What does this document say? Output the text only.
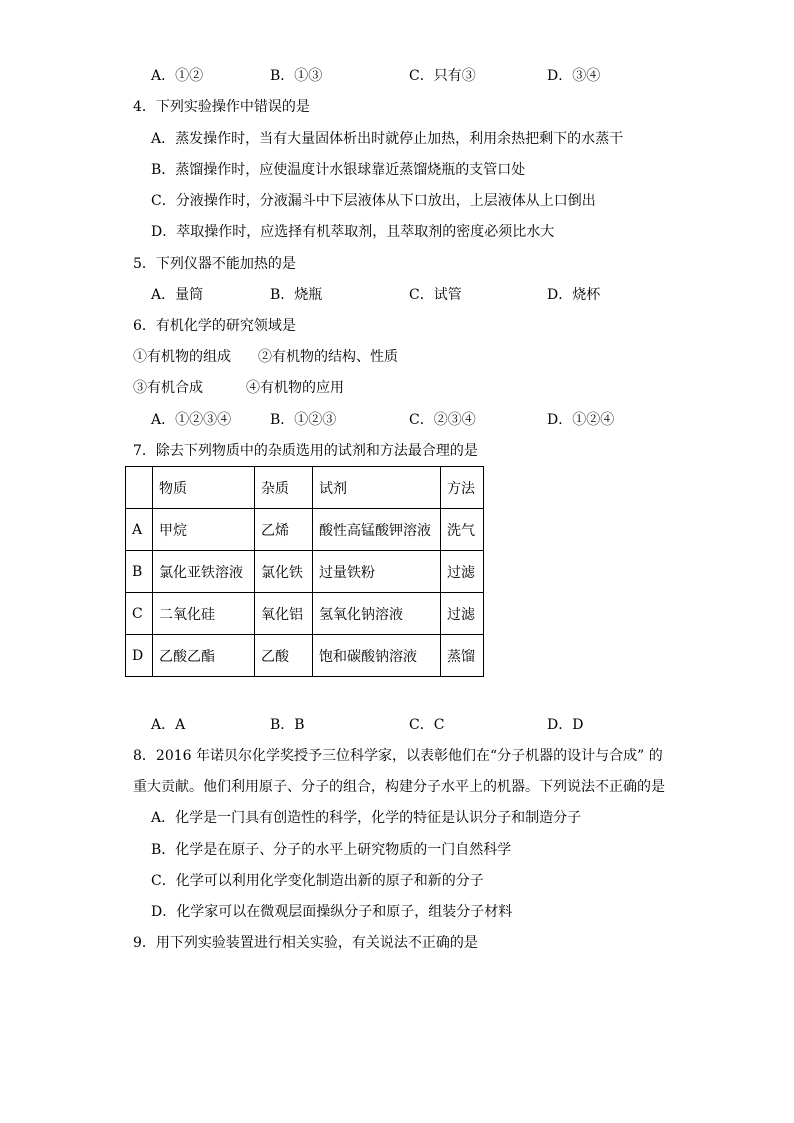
A．①②	B．①③	C．只有③	D．③④
4．下列实验操作中错误的是
A．蒸发操作时，当有大量固体析出时就停止加热，利用余热把剩下的水蒸干
B．蒸馏操作时，应使温度计水银球靠近蒸馏烧瓶的支管口处
C．分液操作时，分液漏斗中下层液体从下口放出，上层液体从上口倒出
D．萃取操作时，应选择有机萃取剂，且萃取剂的密度必须比水大
5．下列仪器不能加热的是
A．量筒	B．烧瓶	C．试管	D．烧杯
6．有机化学的研究领域是
①有机物的组成 ②有机物的结构、性质
③有机合成	④有机物的应用
A．①②③④	B．①②③	C．②③④	D．①②④
7．除去下列物质中的杂质选用的试剂和方法最合理的是
	物质	杂质	试剂	方法
A	甲烷	乙烯	酸性高锰酸钾溶液	洗气
B	氯化亚铁溶液	氯化铁	过量铁粉	过滤
C	二氧化硅	氧化铝	氢氧化钠溶液	过滤
D	乙酸乙酯	乙酸	饱和碳酸钠溶液	蒸馏
A．A	B．B	C．C	D．D
8．2016 年诺贝尔化学奖授予三位科学家，以表彰他们在“分子机器的设计与合成” 的
重大贡献。他们利用原子、分子的组合，构建分子水平上的机器。下列说法不正确的是
A．化学是一门具有创造性的科学，化学的特征是认识分子和制造分子
B．化学是在原子、分子的水平上研究物质的一门自然科学
C．化学可以利用化学变化制造出新的原子和新的分子
D．化学家可以在微观层面操纵分子和原子，组装分子材料
9．用下列实验装置进行相关实验，有关说法不正确的是
